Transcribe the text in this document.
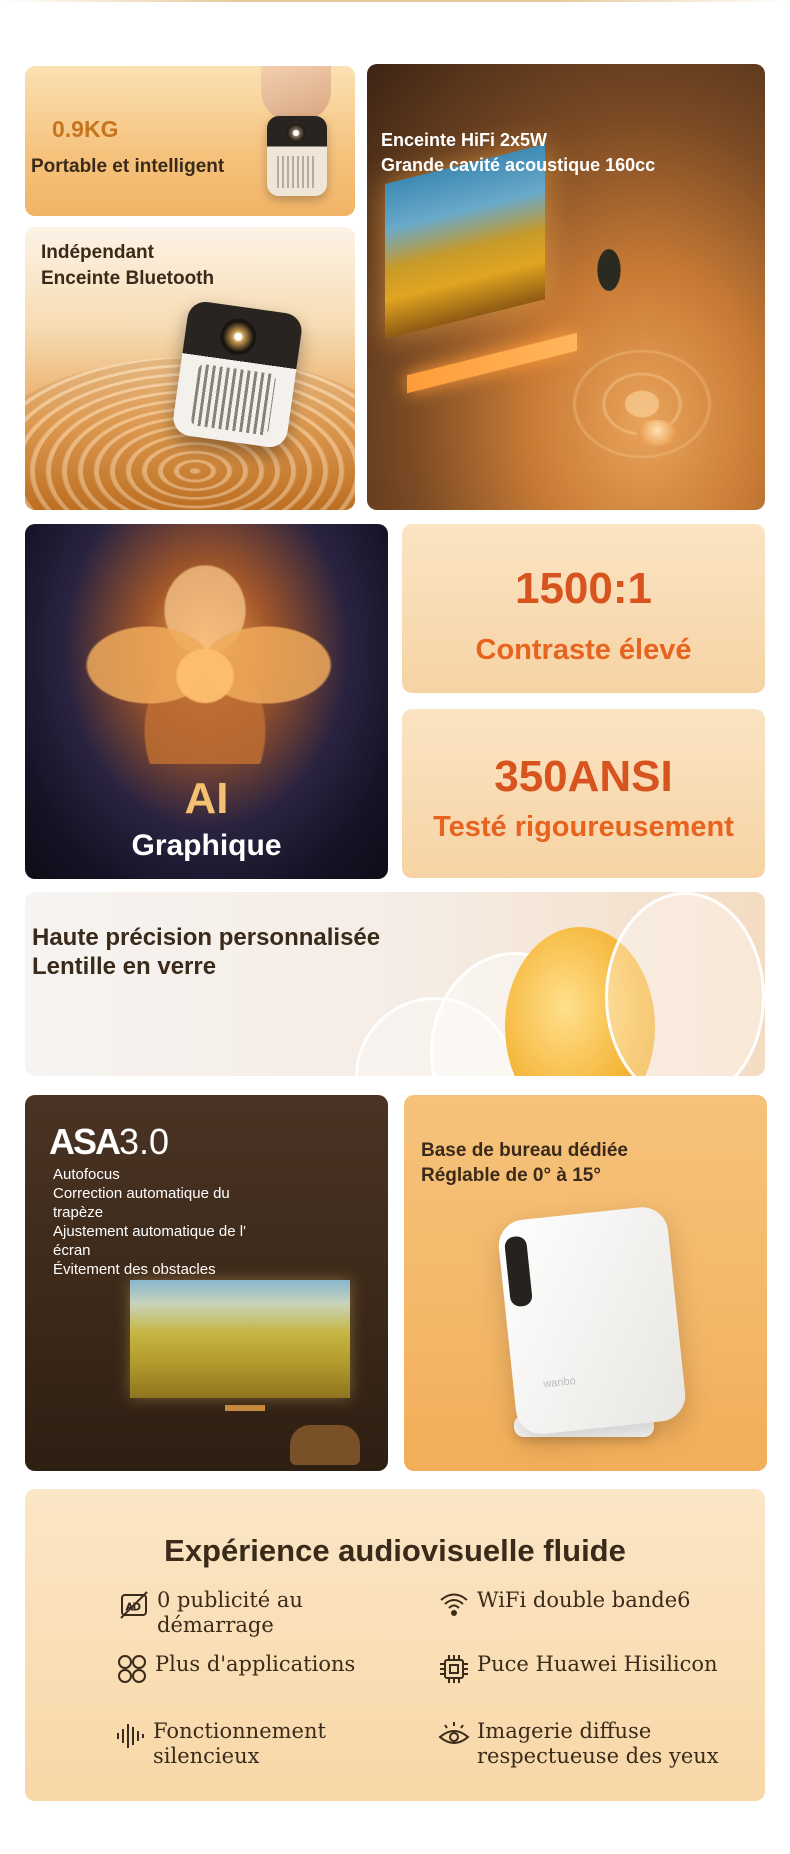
0.9KG
Portable et intelligent
Enceinte HiFi 2x5W
Grande cavité acoustique 160cc
Indépendant
Enceinte Bluetooth
AI
Graphique
1500:1
Contraste élevé
350ANSI
Testé rigoureusement
Haute précision personnalisée
Lentille en verre
ASA3.0
Autofocus
Correction automatique du trapèze
Ajustement automatique de l' écran
Évitement des obstacles
Base de bureau dédiée
Réglable de 0° à 15°
wanbo
Expérience audiovisuelle fluide
AD 0 publicité au démarrage
WiFi double bande6
Plus d'applications	Puce Huawei Hisilicon
Fonctionnement silencieux
Imagerie diffuse respectueuse des yeux
